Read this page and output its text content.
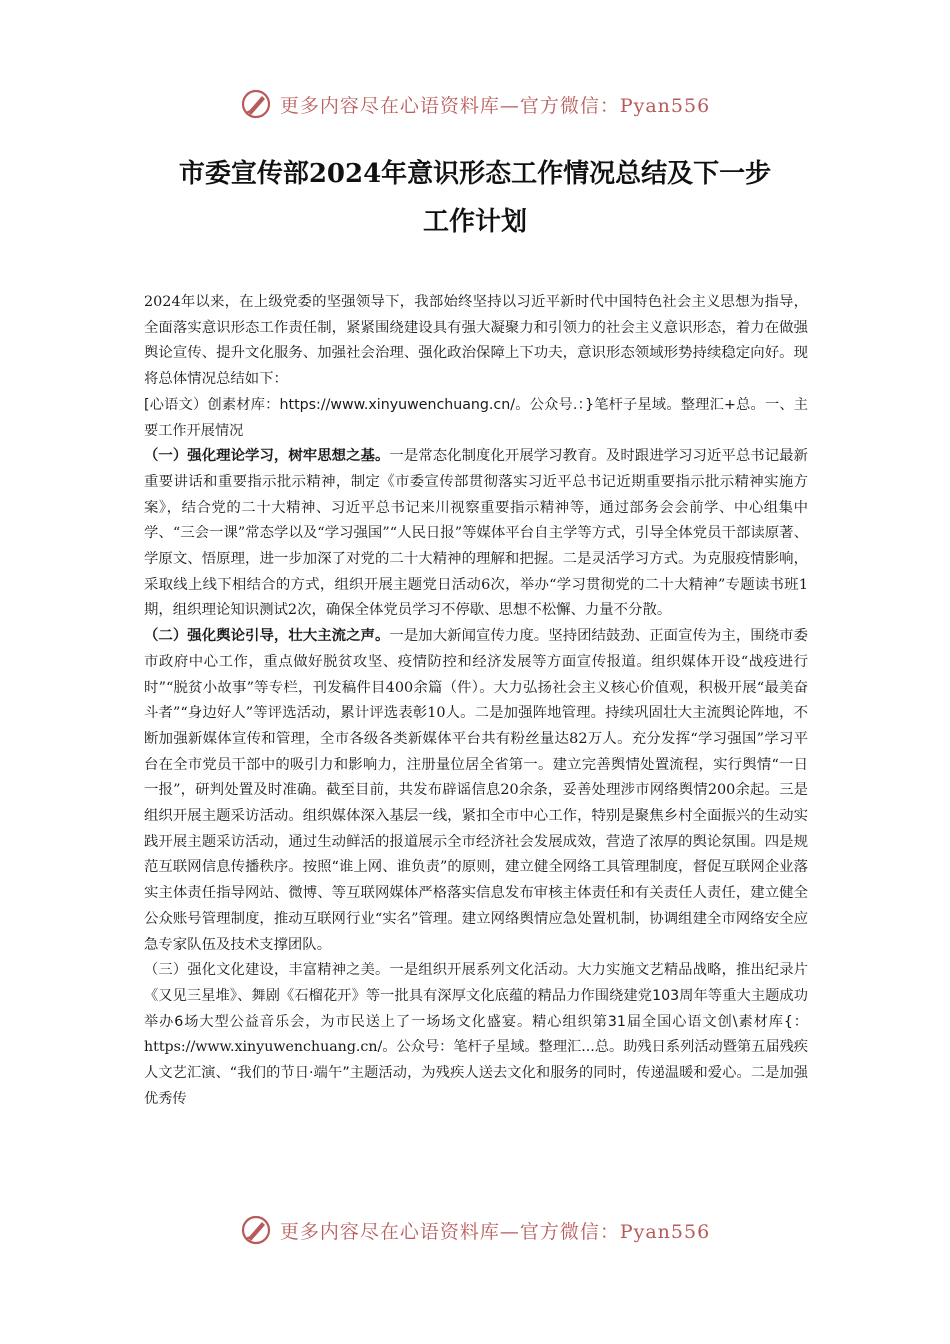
更多内容尽在心语资料库—官方微信：Pyan556
市委宣传部2024年意识形态工作情况总结及下一步
工作计划

2024年以来，在上级党委的坚强领导下，我部始终坚持以习近平新时代中国特色社会主义思想为指导，全面落实意识形态工作责任制，紧紧围绕建设具有强大凝聚力和引领力的社会主义意识形态，着力在做强舆论宣传、提升文化服务、加强社会治理、强化政治保障上下功夫，意识形态领域形势持续稳定向好。现将总体情况总结如下：

[心语文）创素材库：https://www.xinyuwenchuang.cn/。公众号.：}笔杆子星域。整理汇+总。一、主要工作开展情况

（一）强化理论学习，树牢思想之基。一是常态化制度化开展学习教育。及时跟进学习习近平总书记最新重要讲话和重要指示批示精神，制定《市委宣传部贯彻落实习近平总书记近期重要指示批示精神实施方案》，结合党的二十大精神、习近平总书记来川视察重要指示精神等，通过部务会会前学、中心组集中学、“三会一课”常态学以及“学习强国”“人民日报”等媒体平台自主学等方式，引导全体党员干部读原著、学原文、悟原理，进一步加深了对党的二十大精神的理解和把握。二是灵活学习方式。为克服疫情影响，采取线上线下相结合的方式，组织开展主题党日活动6次，举办“学习贯彻党的二十大精神”专题读书班1期，组织理论知识测试2次，确保全体党员学习不停歇、思想不松懈、力量不分散。

（二）强化舆论引导，壮大主流之声。一是加大新闻宣传力度。坚持团结鼓劲、正面宣传为主，围绕市委市政府中心工作，重点做好脱贫攻坚、疫情防控和经济发展等方面宣传报道。组织媒体开设“战疫进行时”“脱贫小故事”等专栏，刊发稿件目400余篇（件）。大力弘扬社会主义核心价值观，积极开展“最美奋斗者”“身边好人”等评选活动，累计评选表彰10人。二是加强阵地管理。持续巩固壮大主流舆论阵地，不断加强新媒体宣传和管理，全市各级各类新媒体平台共有粉丝量达82万人。充分发挥“学习强国”学习平台在全市党员干部中的吸引力和影响力，注册量位居全省第一。建立完善舆情处置流程，实行舆情“一日一报”，研判处置及时准确。截至目前，共发布辟谣信息20余条，妥善处理涉市网络舆情200余起。三是组织开展主题采访活动。组织媒体深入基层一线，紧扣全市中心工作，特别是聚焦乡村全面振兴的生动实践开展主题采访活动，通过生动鲜活的报道展示全市经济社会发展成效，营造了浓厚的舆论氛围。四是规范互联网信息传播秩序。按照“谁上网、谁负责”的原则，建立健全网络工具管理制度，督促互联网企业落实主体责任指导网站、微博、等互联网媒体严格落实信息发布审核主体责任和有关责任人责任，建立健全公众账号管理制度，推动互联网行业“实名”管理。建立网络舆情应急处置机制，协调组建全市网络安全应急专家队伍及技术支撑团队。

（三）强化文化建设，丰富精神之美。一是组织开展系列文化活动。大力实施文艺精品战略，推出纪录片《又见三星堆》、舞剧《石榴花开》等一批具有深厚文化底蕴的精品力作围绕建党103周年等重大主题成功举办6场大型公益音乐会，为市民送上了一场场文化盛宴。精心组织第31届全国心语文创\素材库{：https://www.xinyuwenchuang.cn/。公众号：笔杆子星域。整理汇...总。助残日系列活动暨第五届残疾人文艺汇演、“我们的节日·端午”主题活动，为残疾人送去文化和服务的同时，传递温暖和爱心。二是加强优秀传

更多内容尽在心语资料库—官方微信：Pyan556
